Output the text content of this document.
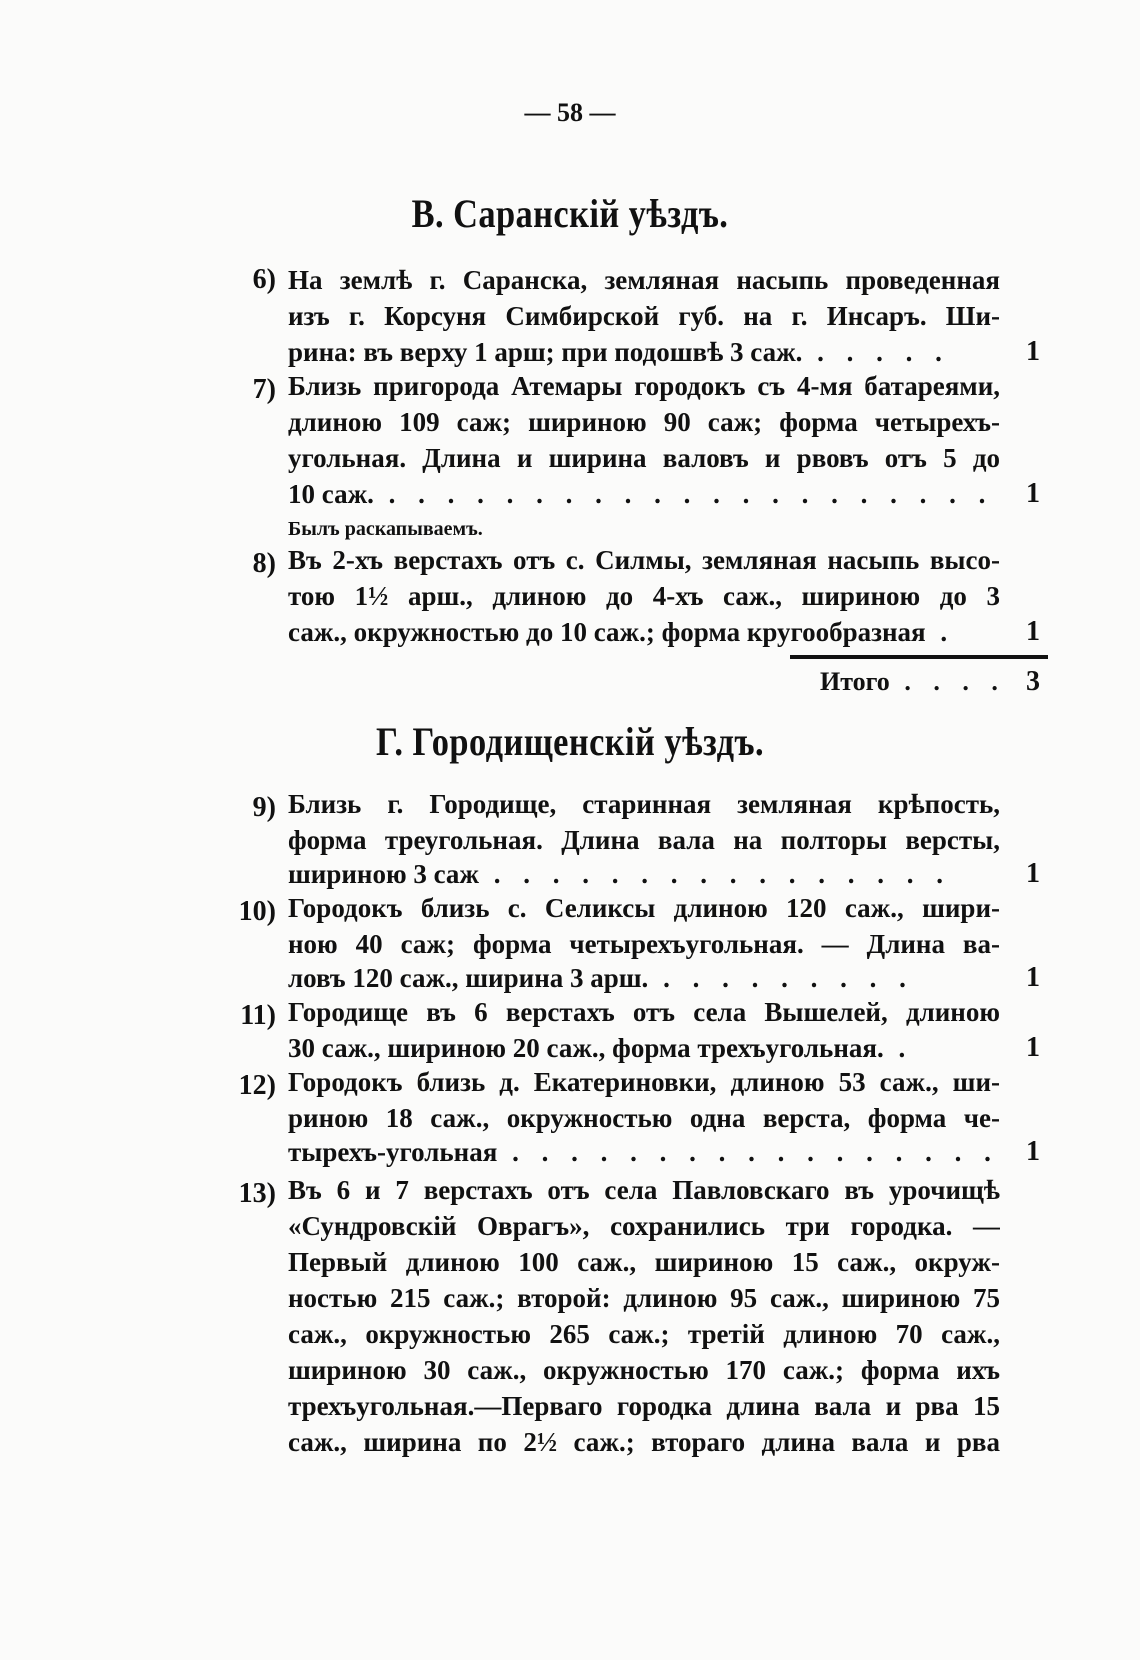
— 58 —
В. Саранскій уѣздъ.
6) На землѣ г. Саранска, земляная насыпь проведенная
изъ г. Корсуня Симбирской губ. на г. Инсаръ. Ши-
рина: въ верху 1 арш; при подошвѣ 3 саж. . . . . .	1
7) Близь пригорода Атемары городокъ съ 4-мя батареями,
длиною 109 саж; шириною 90 саж; форма четырехъ-
угольная. Длина и ширина валовъ и рвовъ отъ 5 до
10 саж. . . . . . . . . . . . . . . . . . . . . . 1
Былъ раскапываемъ.
8) Въ 2-хъ верстахъ отъ с. Силмы, земляная насыпь высо-
тою 1½ арш., длиною до 4-хъ саж., шириною до 3
саж., окружностью до 10 саж.; форма кругообразная .	1
Итого . . . . 3
Г. Городищенскій уѣздъ.
9) Близь г. Городище, старинная земляная крѣпость,
форма треугольная. Длина вала на полторы версты,
шириною 3 саж . . . . . . . . . . . . . . . .	1
10) Городокъ близь с. Селиксы длиною 120 саж., шири-
ною 40 саж; форма четырехъугольная. — Длина ва-
ловъ 120 саж., ширина 3 арш. . . . . . . . . .	1
11) Городище въ 6 верстахъ отъ села Вышелей, длиною
30 саж., шириною 20 саж., форма трехъугольная. .	1
12) Городокъ близь д. Екатериновки, длиною 53 саж., ши-
риною 18 саж., окружностью одна верста, форма че-
тырехъ-угольная . . . . . . . . . . . . . . . . . 1
13) Въ 6 и 7 верстахъ отъ села Павловскаго въ урочищѣ
«Сундровскій Оврагъ», сохранились три городка. —
Первый длиною 100 саж., шириною 15 саж., окруж-
ностью 215 саж.; второй: длиною 95 саж., шириною 75
саж., окружностью 265 саж.; третій длиною 70 саж.,
шириною 30 саж., окружностью 170 саж.; форма ихъ
трехъугольная.—Перваго городка длина вала и рва 15
саж., ширина по 2½ саж.; втораго длина вала и рва
